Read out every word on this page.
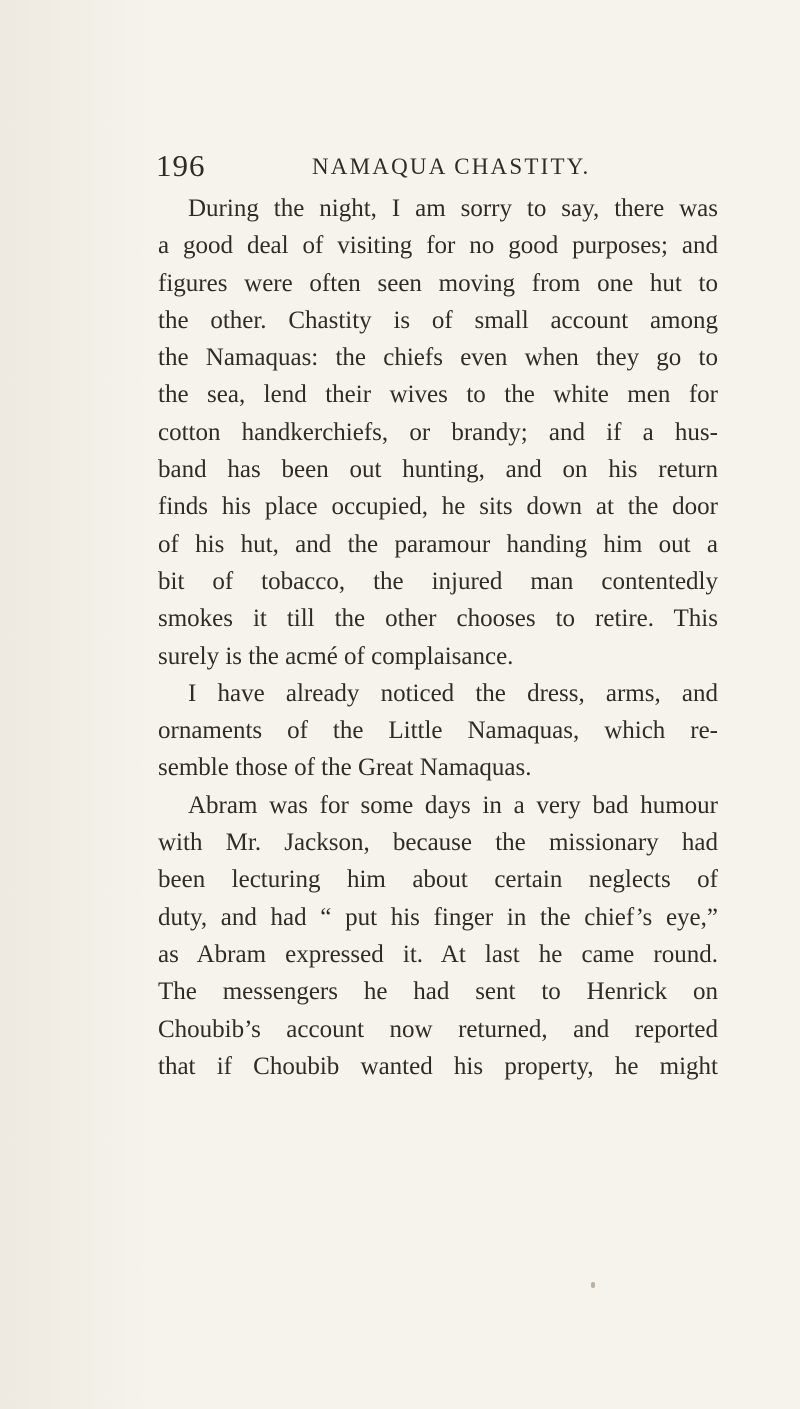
196	NAMAQUA CHASTITY.
During the night, I am sorry to say, there was
a good deal of visiting for no good purposes; and
figures were often seen moving from one hut to
the other. Chastity is of small account among
the Namaquas: the chiefs even when they go to
the sea, lend their wives to the white men for
cotton handkerchiefs, or brandy; and if a hus-
band has been out hunting, and on his return
finds his place occupied, he sits down at the door
of his hut, and the paramour handing him out a
bit of tobacco, the injured man contentedly
smokes it till the other chooses to retire. This
surely is the acmé of complaisance.
I have already noticed the dress, arms, and
ornaments of the Little Namaquas, which re-
semble those of the Great Namaquas.
Abram was for some days in a very bad humour
with Mr. Jackson, because the missionary had
been lecturing him about certain neglects of
duty, and had “ put his finger in the chief’s eye,”
as Abram expressed it. At last he came round.
The messengers he had sent to Henrick on
Choubib’s account now returned, and reported
that if Choubib wanted his property, he might
